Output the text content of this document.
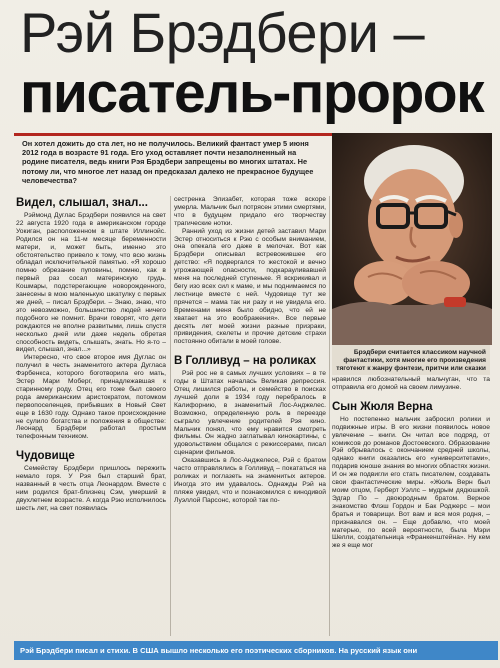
Рэй Брэдбери –
писатель-пророк
Он хотел дожить до ста лет, но не получилось. Великий фантаст умер 5 июня 2012 года в возрасте 91 года. Его уход оставляет почти незаполненный на родине писателя, ведь книги Рэя Брэдбери запрещены во многих штатах. Не потому ли, что многое лет назад он предсказал далеко не прекрасное будущее человечества?
Брэдбери считается классиком научной фантастики, хотя многие его произведения тяготеют к жанру фэнтези, притчи или сказки
Видел, слышал, знал...

Рэймонд Дуглас Брэдбери появился на свет 22 августа 1920 года в американском городе Уокиган, расположенном в штате Иллинойс. Родился он на 11-м месяце беременности матери, и, может быть, именно это обстоятельство привело к тому, что всю жизнь обладал исключительной памятью. «Я хорошо помню обрезание пуповины, помню, как в первый раз сосал материнскую грудь. Кошмары, подстерегающие новорожденного, занесены в мою маленькую шкатулку с первых же дней, – писал Брэдбери. – Знаю, знаю, что это невозможно, большинство людей ничего подобного не помнит. Врачи говорят, что дети рождаются не вполне развитыми, лишь спустя несколько дней или даже недель обретая способность видеть, слышать, знать. Но я-то – видел, слышал, знал...»

Интересно, что свое второе имя Дуглас он получил в честь знаменитого актера Дугласа Фэрбенкса, которого боготворила его мать, Эстер Мари Моберг, принадлежавшая к старинному роду. Отец его тоже был своего рода американским аристократом, потомком первопоселенцев, прибывших в Новый Свет еще в 1630 году. Однако такое происхождение не сулило богатства и положения в обществе: Леонард Брэдбери работал простым телефонным техником.

Чудовище

Семейству Брэдбери пришлось пережить немало горя. У Рэя был старший брат, названный в честь отца Леонардом. Вместе с ним родился брат-близнец Сэм, умерший в двухлетнем возрасте. А когда Рэю исполнилось шесть лет, на свет появилась

сестренка Элизабет, которая тоже вскоре умерла. Мальчик был потрясен этими смертями, что в будущем придало его творчеству трагические нотки.

Ранний уход из жизни детей заставил Мари Эстер относиться к Рэю с особым вниманием, она опекала его даже в мелочах. Вот как Брэдбери описывал встревожившее его детство: «Я подвергался то жестокой и вечно угрожающей опасности, подкарауливавшей меня на последней ступеньке. Я вскрикивал и бегу изо всех сил к маме, и мы поднимаемся по лестнице вместе с ней. Чудовище тут же прячется – мама так ни разу и не увидела его. Временами меня было обидно, что ей не хватает на это воображения». Все первые десять лет моей жизни разные призраки, привидения, скелеты и прочие детские страхи постоянно обитали в моей голове.

В Голливуд – на роликах

Рэй рос не в самых лучших условиях – в те годы в Штатах началась Великая депрессия. Отец лишился работы, и семейство в поисках лучшей доли в 1934 году перебралось в Калифорнию, в знаменитый Лос-Анджелес. Возможно, определенную роль в переезде сыграло увлечение родителей Рэя кино. Мальчик понял, что ему нравится смотреть фильмы. Он жадно заглатывал кинокартины, с удовольствием общался с режиссерами, писал сценарии фильмов.

Оказавшись в Лос-Анджелесе, Рэй с братом часто отправлялись в Голливуд – покататься на роликах и поглазеть на знаменитых актеров. Иногда это им удавалось. Однажды Рэй на пляже увидел, что и познакомился с кинодивой Луэллой Парсонс, которой так по-

нравился любознательный мальчуган, что та отправила его домой на своем лимузине.

Сын Жюля Верна

Но постепенно мальчик забросил ролики и подвижные игры. В его жизни появилось новое увлечение – книги. Он читал все подряд, от комиксов до романов Достоевского. Образование Рэй обрывалось с окончанием средней школы, однако книги оказались его «университетами», подарив юноше знания во многих областях жизни. И он же подвигли его стать писателем, создавать свои фантастические миры. «Жюль Верн был моим отцом, Герберт Уэллс – мудрым дядюшкой. Эдгар По – двоюродным братом. Верное знакомство Флэш Гордон и Бак Роджерс – мои братья и товарищи. Вот вам и вся моя родня, – признавался он. – Еще добавлю, что моей матерью, по всей вероятности, была Мэри Шелли, создательница «Франкенштейна». Ну кем же я еще мог

Рэй Брэдбери писал и стихи. В США вышло несколько его поэтических сборников. На русский язык они
